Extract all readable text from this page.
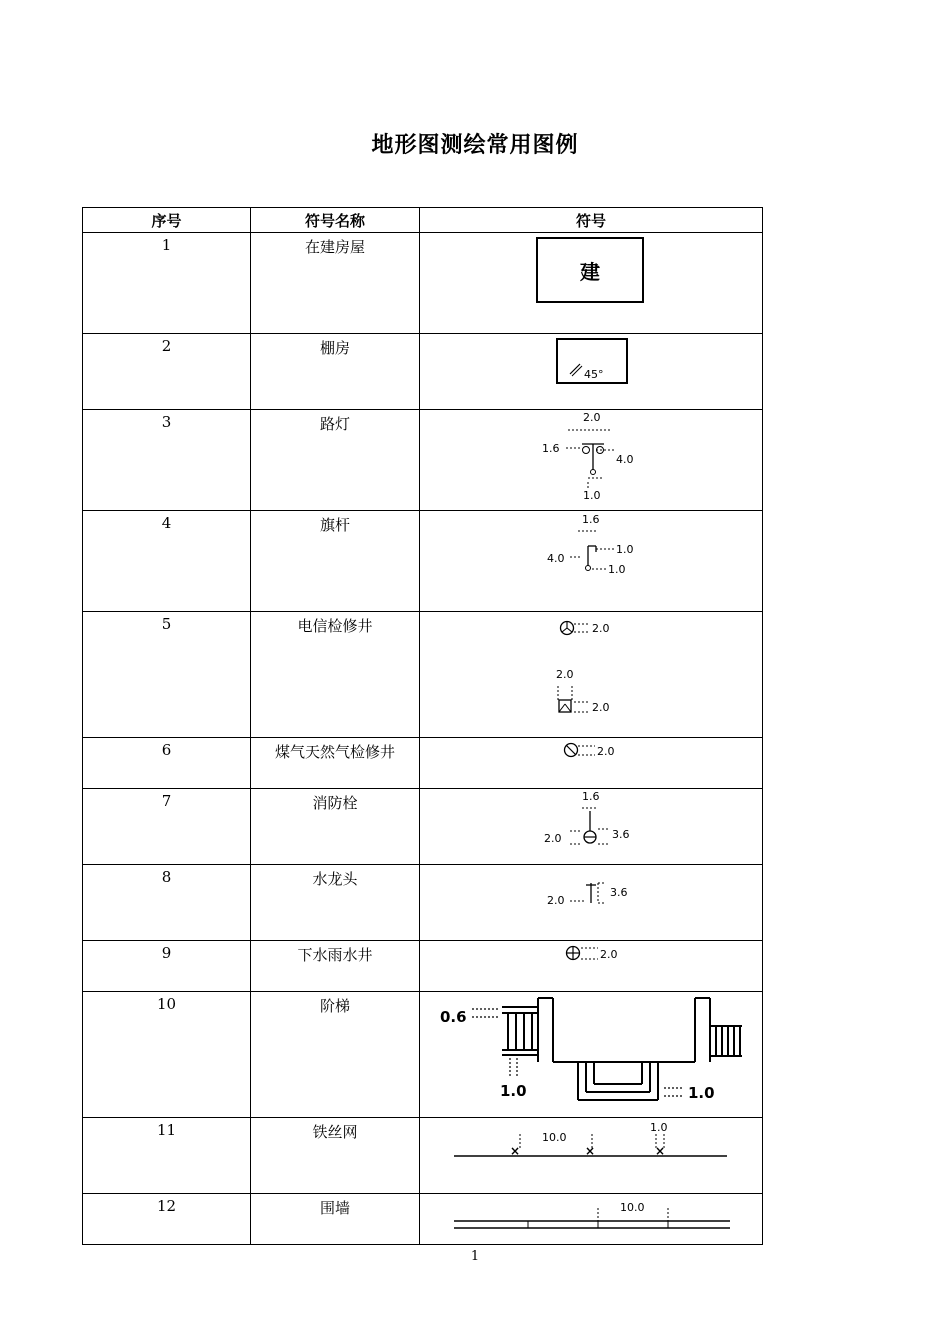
地形图测绘常用图例
序号	符号名称	符号
1	在建房屋	建

2	棚房	45°

3	路灯	2.0
1.6
4.0
1.0

4	旗杆	1.6
1.0
4.0
1.0

5	电信检修井	2.0
2.0
2.0

6	煤气天然气检修井	2.0

7	消防栓	1.6
2.0 3.6

8	水龙头	2.0
3.6

9	下水雨水井	2.0

10	阶梯	0.6
1.0 1.0

11	铁丝网	× × ×
10.0
1.0

12	围墙	10.0
1
